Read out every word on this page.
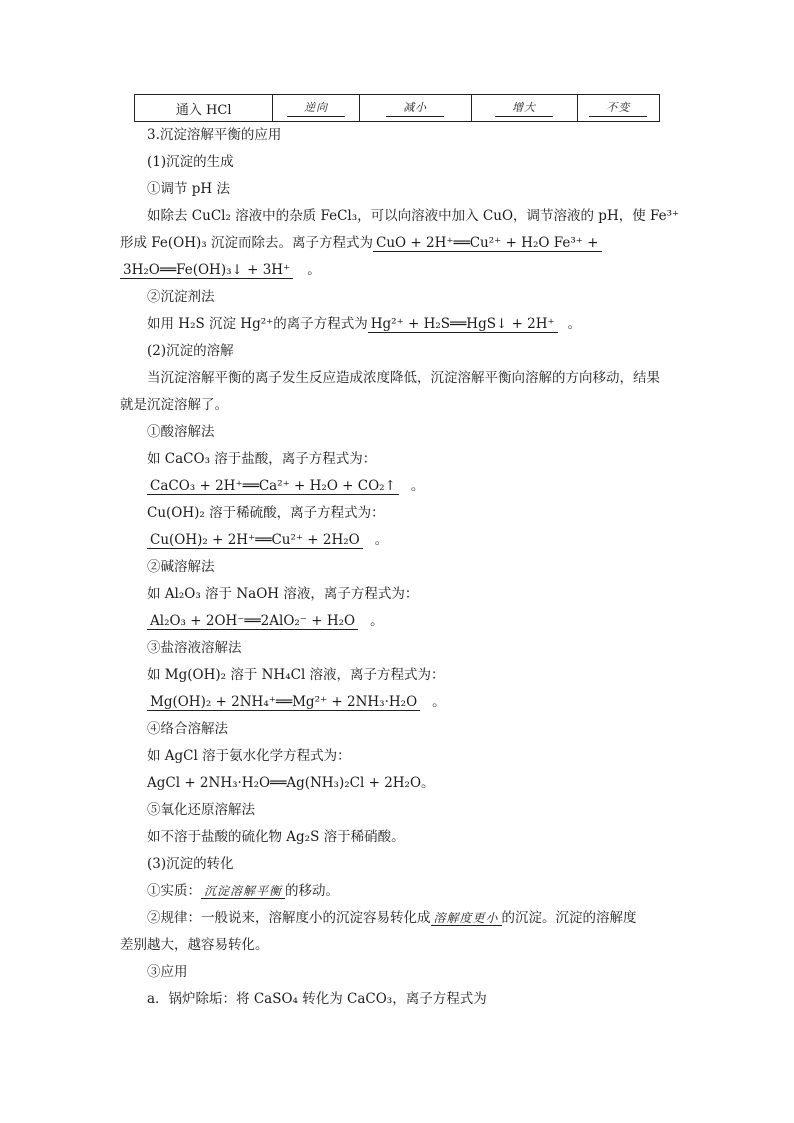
通入 HCl	逆向	减小	增大	不变
3.沉淀溶解平衡的应用
(1)沉淀的生成
①调节 pH 法
如除去 CuCl₂ 溶液中的杂质 FeCl₃，可以向溶液中加入 CuO，调节溶液的 pH，使 Fe³⁺
形成 Fe(OH)₃ 沉淀而除去。离子方程式为 CuO + 2H⁺══Cu²⁺ + H₂O Fe³⁺ +
3H₂O══Fe(OH)₃↓ + 3H⁺ 。
②沉淀剂法
如用 H₂S 沉淀 Hg²⁺的离子方程式为 Hg²⁺ + H₂S══HgS↓ + 2H⁺ 。
(2)沉淀的溶解
当沉淀溶解平衡的离子发生反应造成浓度降低，沉淀溶解平衡向溶解的方向移动，结果
就是沉淀溶解了。
①酸溶解法
如 CaCO₃ 溶于盐酸，离子方程式为：
CaCO₃ + 2H⁺══Ca²⁺ + H₂O + CO₂↑ 。
Cu(OH)₂ 溶于稀硫酸，离子方程式为：
Cu(OH)₂ + 2H⁺══Cu²⁺ + 2H₂O 。
②碱溶解法
如 Al₂O₃ 溶于 NaOH 溶液，离子方程式为：
Al₂O₃ + 2OH⁻══2AlO₂⁻ + H₂O 。
③盐溶液溶解法
如 Mg(OH)₂ 溶于 NH₄Cl 溶液，离子方程式为：
Mg(OH)₂ + 2NH₄⁺══Mg²⁺ + 2NH₃·H₂O 。
④络合溶解法
如 AgCl 溶于氨水化学方程式为：
AgCl + 2NH₃·H₂O══Ag(NH₃)₂Cl + 2H₂O。
⑤氧化还原溶解法
如不溶于盐酸的硫化物 Ag₂S 溶于稀硝酸。
(3)沉淀的转化
①实质： 沉淀溶解平衡 的移动。
②规律：一般说来，溶解度小的沉淀容易转化成 溶解度更小 的沉淀。沉淀的溶解度
差别越大，越容易转化。
③应用
a．锅炉除垢：将 CaSO₄ 转化为 CaCO₃，离子方程式为
